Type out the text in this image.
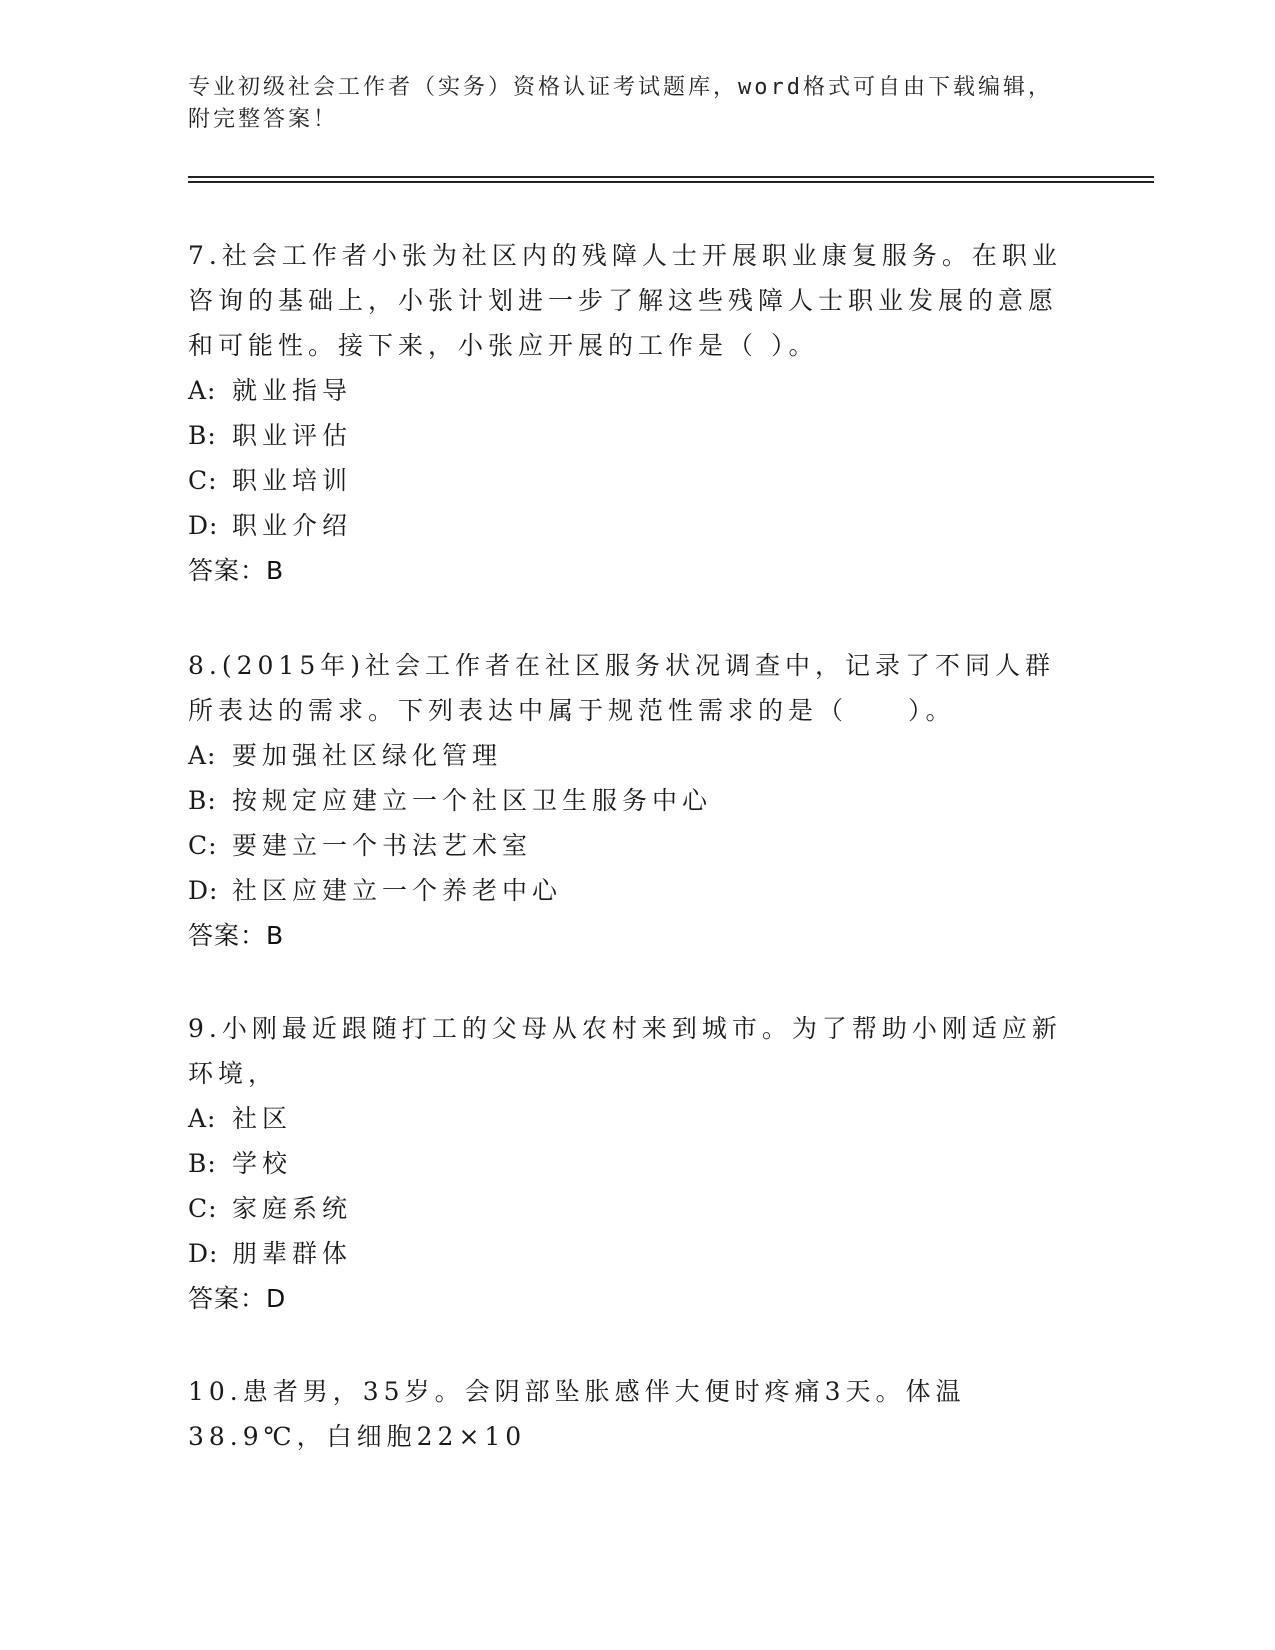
专业初级社会工作者（实务）资格认证考试题库，word格式可自由下载编辑，附完整答案！

7.社会工作者小张为社区内的残障人士开展职业康复服务。在职业咨询的基础上，小张计划进一步了解这些残障人士职业发展的意愿和可能性。接下来，小张应开展的工作是（ ）。

A: 就业指导

B: 职业评估

C: 职业培训

D: 职业介绍

答案：B

8.(2015年)社会工作者在社区服务状况调查中，记录了不同人群所表达的需求。下列表达中属于规范性需求的是（　　）。

A: 要加强社区绿化管理

B: 按规定应建立一个社区卫生服务中心

C: 要建立一个书法艺术室

D: 社区应建立一个养老中心

答案：B

9.小刚最近跟随打工的父母从农村来到城市。为了帮助小刚适应新环境，

A: 社区

B: 学校

C: 家庭系统

D: 朋辈群体

答案：D

10.患者男，35岁。会阴部坠胀感伴大便时疼痛3天。体温38.9℃，白细胞22×10
